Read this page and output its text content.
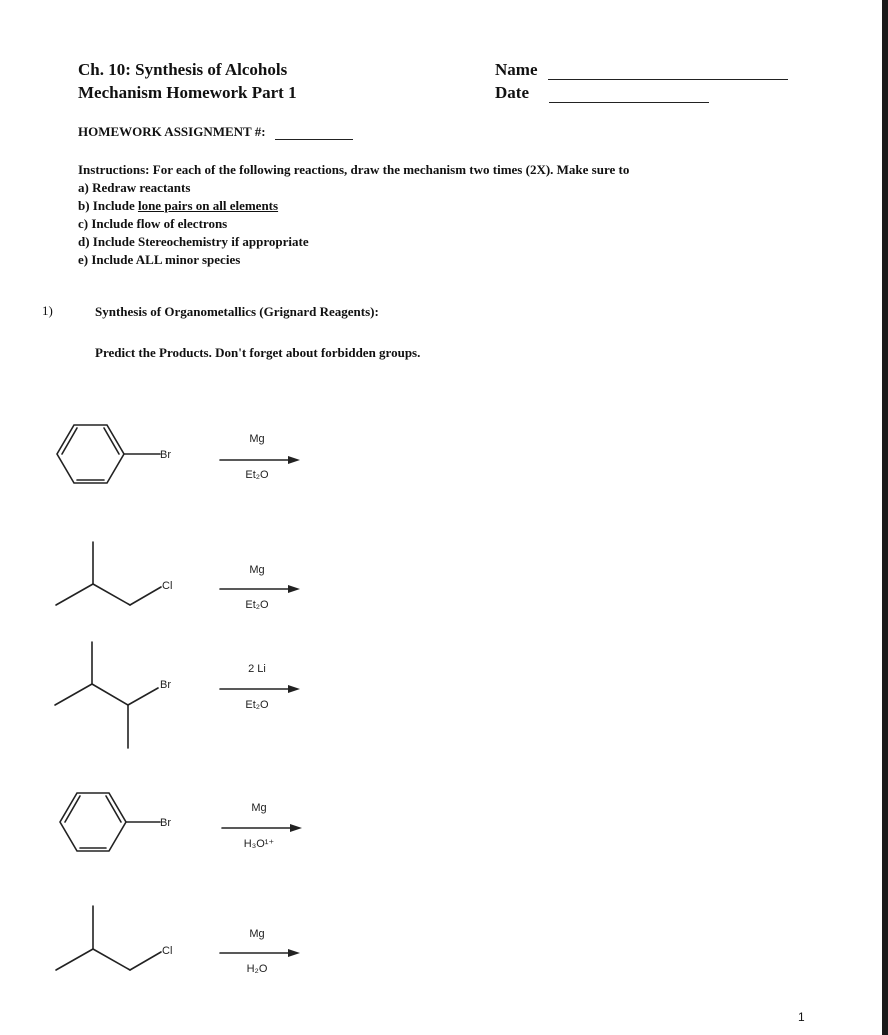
Ch. 10: Synthesis of Alcohols
Mechanism Homework Part 1
Name
Date
HOMEWORK ASSIGNMENT #:
Instructions: For each of the following reactions, draw the mechanism two times (2X). Make sure to
a) Redraw reactants
b) Include lone pairs on all elements
c) Include flow of electrons
d) Include Stereochemistry if appropriate
e) Include ALL minor species
1)	Synthesis of Organometallics (Grignard Reagents):
Predict the Products. Don't forget about forbidden groups.
Br
Cl
Br
Br
Cl
Mg
Et₂O
Mg
Et₂O
2 Li
Et₂O
Mg
H₃O¹⁺
Mg
H₂O
1
